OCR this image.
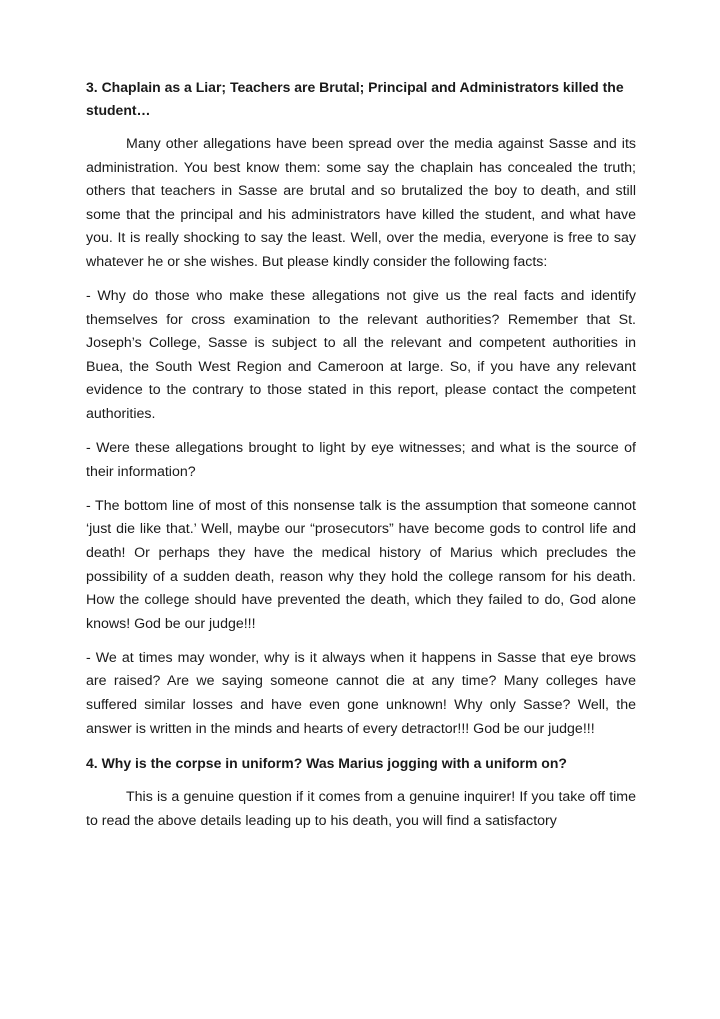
3. Chaplain as a Liar; Teachers are Brutal; Principal and Administrators killed the student…

Many other allegations have been spread over the media against Sasse and its administration. You best know them: some say the chaplain has concealed the truth; others that teachers in Sasse are brutal and so brutalized the boy to death, and still some that the principal and his administrators have killed the student, and what have you. It is really shocking to say the least. Well, over the media, everyone is free to say whatever he or she wishes. But please kindly consider the following facts:

- Why do those who make these allegations not give us the real facts and identify themselves for cross examination to the relevant authorities? Remember that St. Joseph’s College, Sasse is subject to all the relevant and competent authorities in Buea, the South West Region and Cameroon at large. So, if you have any relevant evidence to the contrary to those stated in this report, please contact the competent authorities.

- Were these allegations brought to light by eye witnesses; and what is the source of their information?

- The bottom line of most of this nonsense talk is the assumption that someone cannot ‘just die like that.’ Well, maybe our “prosecutors” have become gods to control life and death! Or perhaps they have the medical history of Marius which precludes the possibility of a sudden death, reason why they hold the college ransom for his death. How the college should have prevented the death, which they failed to do, God alone knows! God be our judge!!!

- We at times may wonder, why is it always when it happens in Sasse that eye brows are raised? Are we saying someone cannot die at any time? Many colleges have suffered similar losses and have even gone unknown! Why only Sasse? Well, the answer is written in the minds and hearts of every detractor!!! God be our judge!!!

4. Why is the corpse in uniform? Was Marius jogging with a uniform on?

This is a genuine question if it comes from a genuine inquirer! If you take off time to read the above details leading up to his death, you will find a satisfactory
